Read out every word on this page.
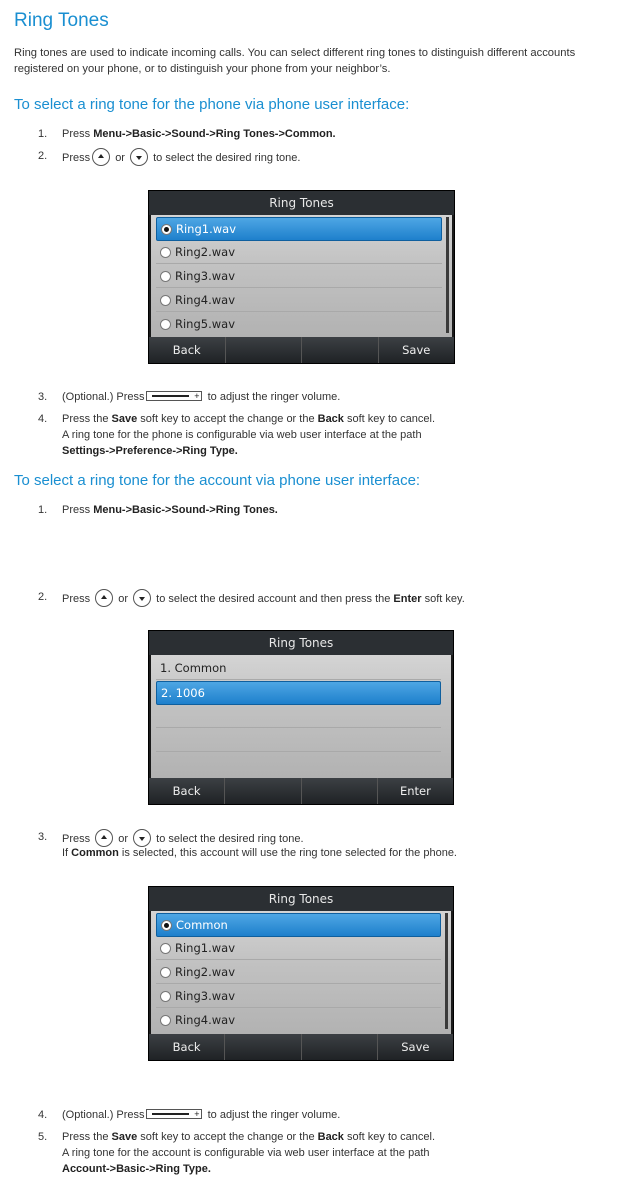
Ring Tones
Ring tones are used to indicate incoming calls. You can select different ring tones to distinguish different accounts registered on your phone, or to distinguish your phone from your neighbor’s.
To select a ring tone for the phone via phone user interface:
1. Press Menu->Basic->Sound->Ring Tones->Common.
2. Press or	to select the desired ring tone.
Ring Tones
Ring1.wav
Ring2.wav
Ring3.wav
Ring4.wav
Ring5.wav
Back	Save
3. (Optional.) Press +	to adjust the ringer volume.
4. Press the Save soft key to accept the change or the Back soft key to cancel.
A ring tone for the phone is configurable via web user interface at the path
Settings->Preference->Ring Type.
To select a ring tone for the account via phone user interface:
1. Press Menu->Basic->Sound->Ring Tones.
2. Press	or	to select the desired account and then press the Enter soft key.
Ring Tones
1. Common
2. 1006
Back	Enter
3. Press	or	to select the desired ring tone.
If Common is selected, this account will use the ring tone selected for the phone.
Ring Tones
Common
Ring1.wav
Ring2.wav
Ring3.wav
Ring4.wav
Back	Save
4. (Optional.) Press +	to adjust the ringer volume.
5. Press the Save soft key to accept the change or the Back soft key to cancel.
A ring tone for the account is configurable via web user interface at the path
Account->Basic->Ring Type.
